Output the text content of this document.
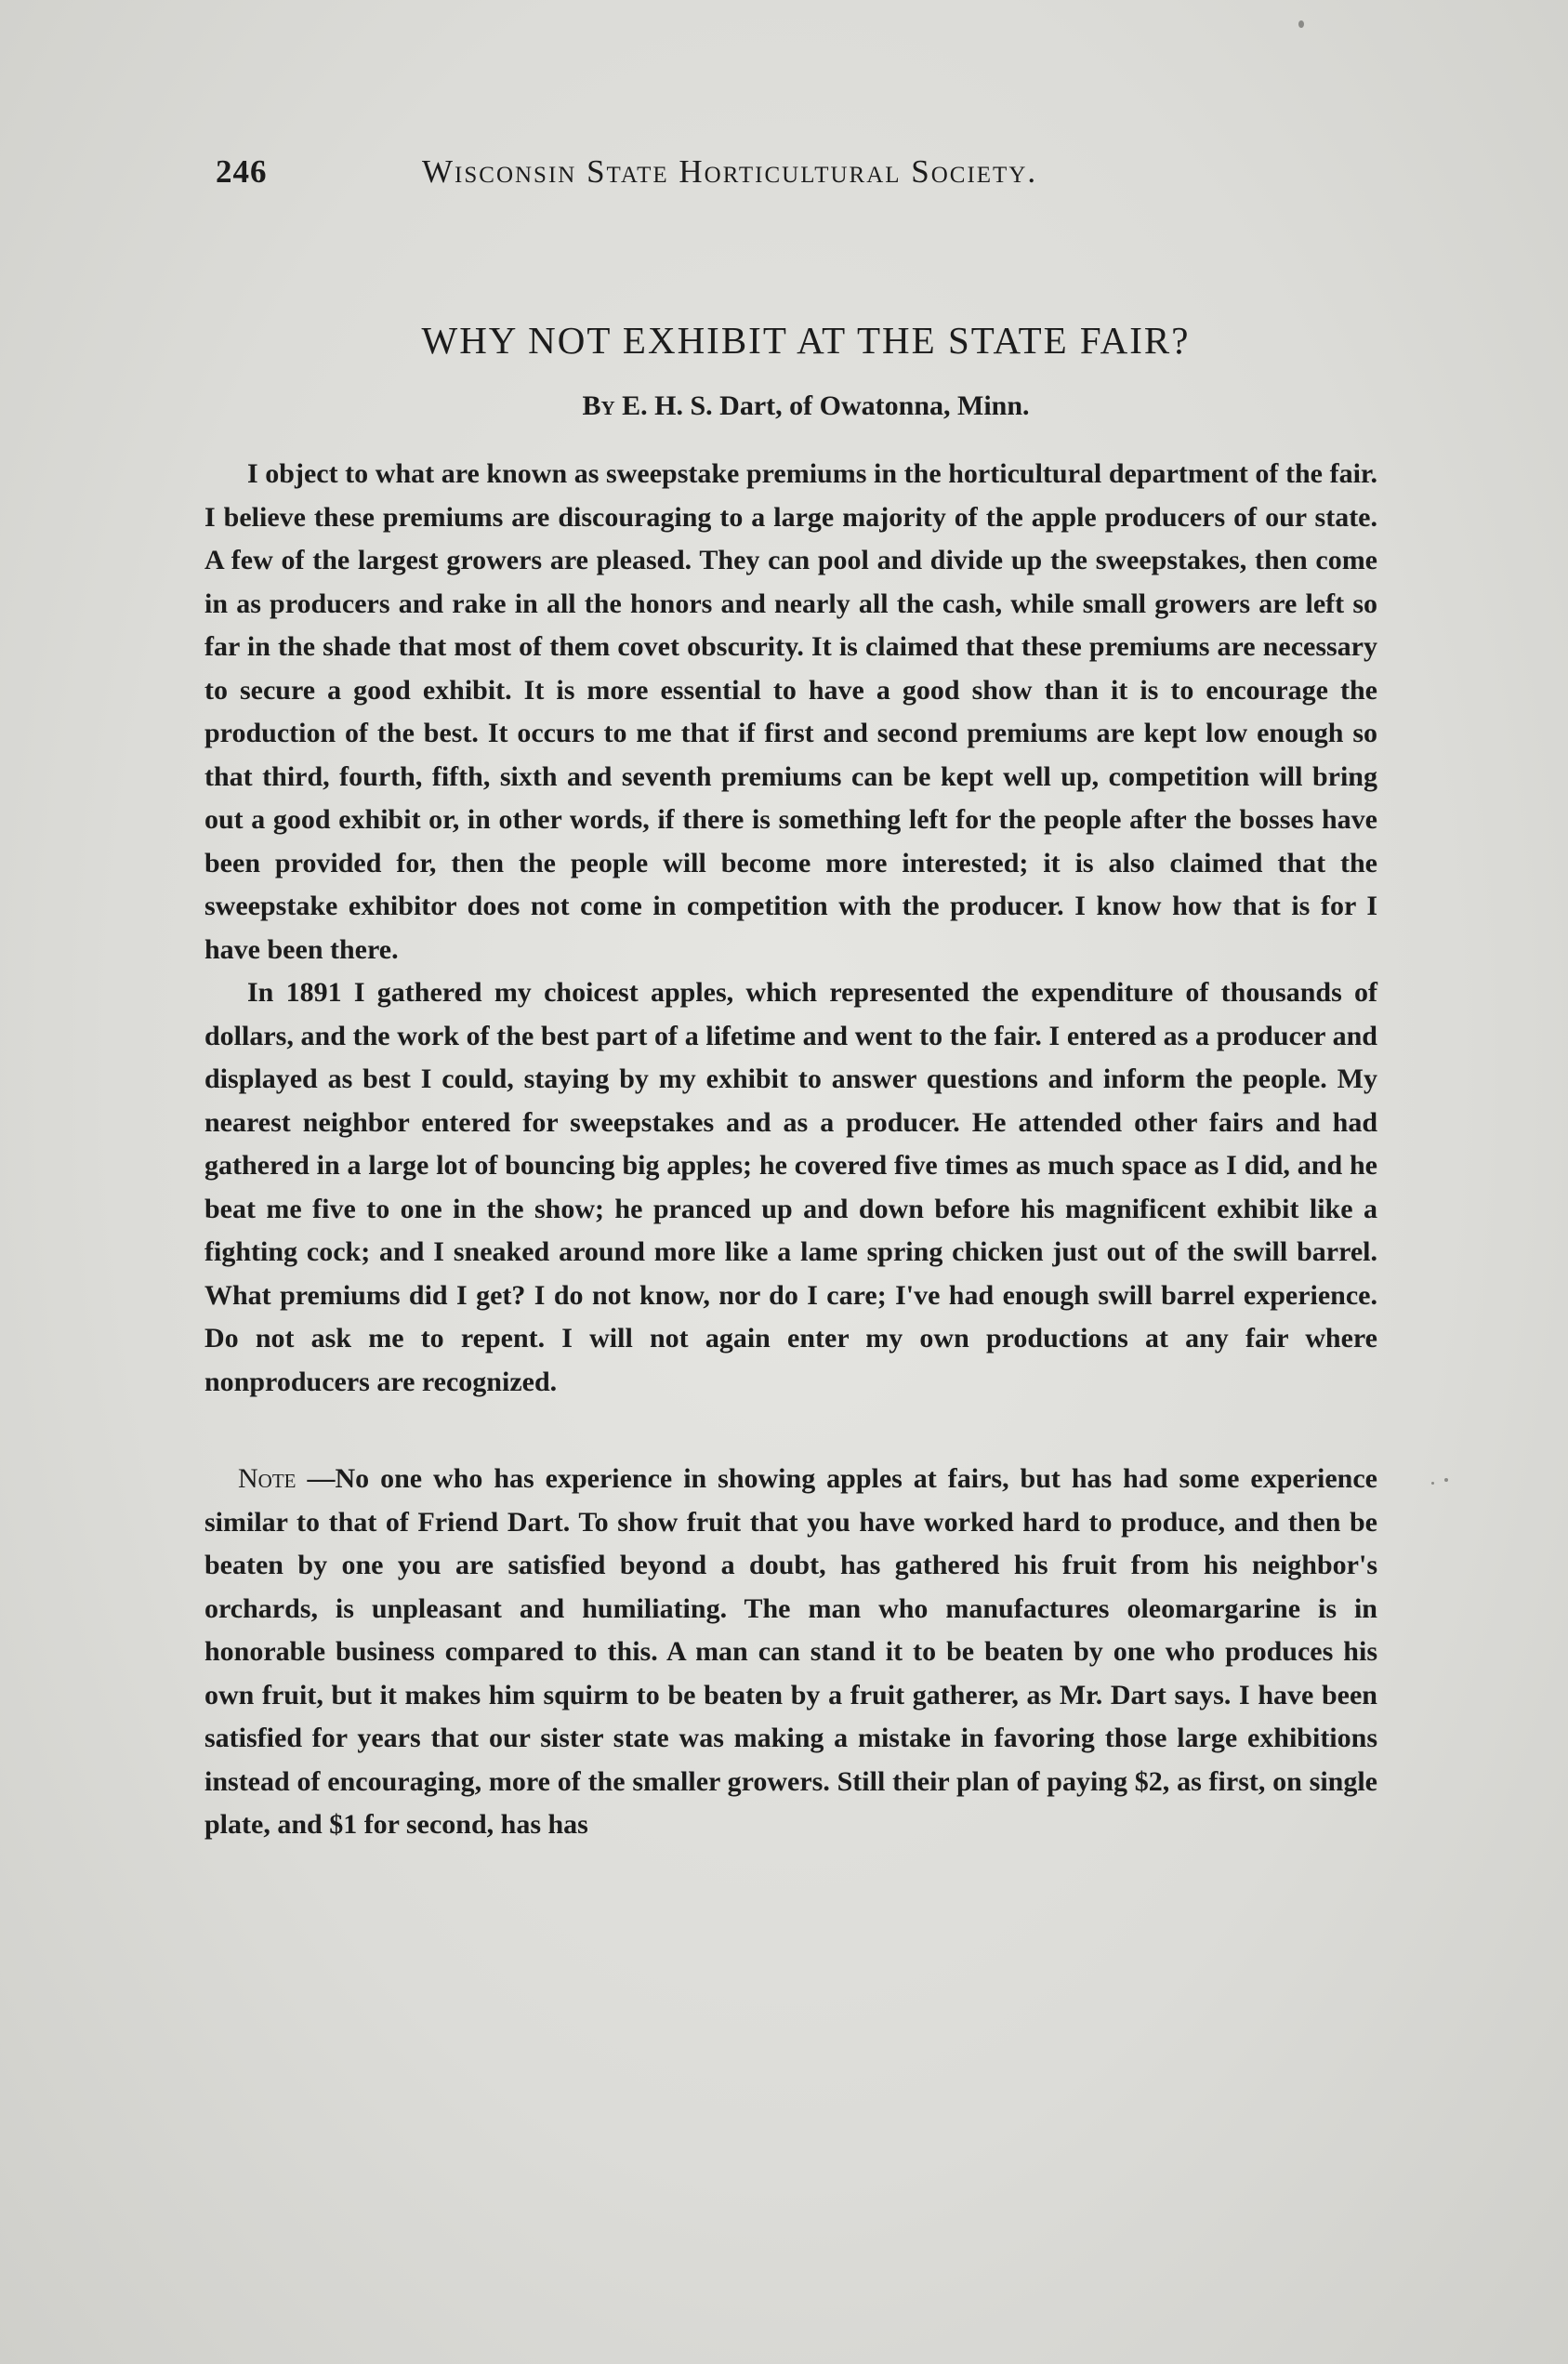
246	Wisconsin State Horticultural Society.
WHY NOT EXHIBIT AT THE STATE FAIR?
By E. H. S. Dart, of Owatonna, Minn.

I object to what are known as sweepstake premiums in the horticultural department of the fair. I believe these premiums are discouraging to a large majority of the apple producers of our state. A few of the largest growers are pleased. They can pool and divide up the sweepstakes, then come in as producers and rake in all the honors and nearly all the cash, while small growers are left so far in the shade that most of them covet obscurity. It is claimed that these premiums are necessary to secure a good exhibit. It is more essential to have a good show than it is to encourage the production of the best. It occurs to me that if first and second premiums are kept low enough so that third, fourth, fifth, sixth and seventh premiums can be kept well up, competition will bring out a good exhibit or, in other words, if there is something left for the people after the bosses have been provided for, then the people will become more interested; it is also claimed that the sweepstake exhibitor does not come in competition with the producer. I know how that is for I have been there.

In 1891 I gathered my choicest apples, which represented the expenditure of thousands of dollars, and the work of the best part of a lifetime and went to the fair. I entered as a producer and displayed as best I could, staying by my exhibit to answer questions and inform the people. My nearest neighbor entered for sweepstakes and as a producer. He attended other fairs and had gathered in a large lot of bouncing big apples; he covered five times as much space as I did, and he beat me five to one in the show; he pranced up and down before his magnificent exhibit like a fighting cock; and I sneaked around more like a lame spring chicken just out of the swill barrel. What premiums did I get? I do not know, nor do I care; I've had enough swill barrel experience. Do not ask me to repent. I will not again enter my own productions at any fair where nonproducers are recognized.

Note —No one who has experience in showing apples at fairs, but has had some experience similar to that of Friend Dart. To show fruit that you have worked hard to produce, and then be beaten by one you are satisfied beyond a doubt, has gathered his fruit from his neighbor's orchards, is unpleasant and humiliating. The man who manufactures oleomargarine is in honorable business compared to this. A man can stand it to be beaten by one who produces his own fruit, but it makes him squirm to be beaten by a fruit gatherer, as Mr. Dart says. I have been satisfied for years that our sister state was making a mistake in favoring those large exhibitions instead of encouraging, more of the smaller growers. Still their plan of paying $2, as first, on single plate, and $1 for second, has has
